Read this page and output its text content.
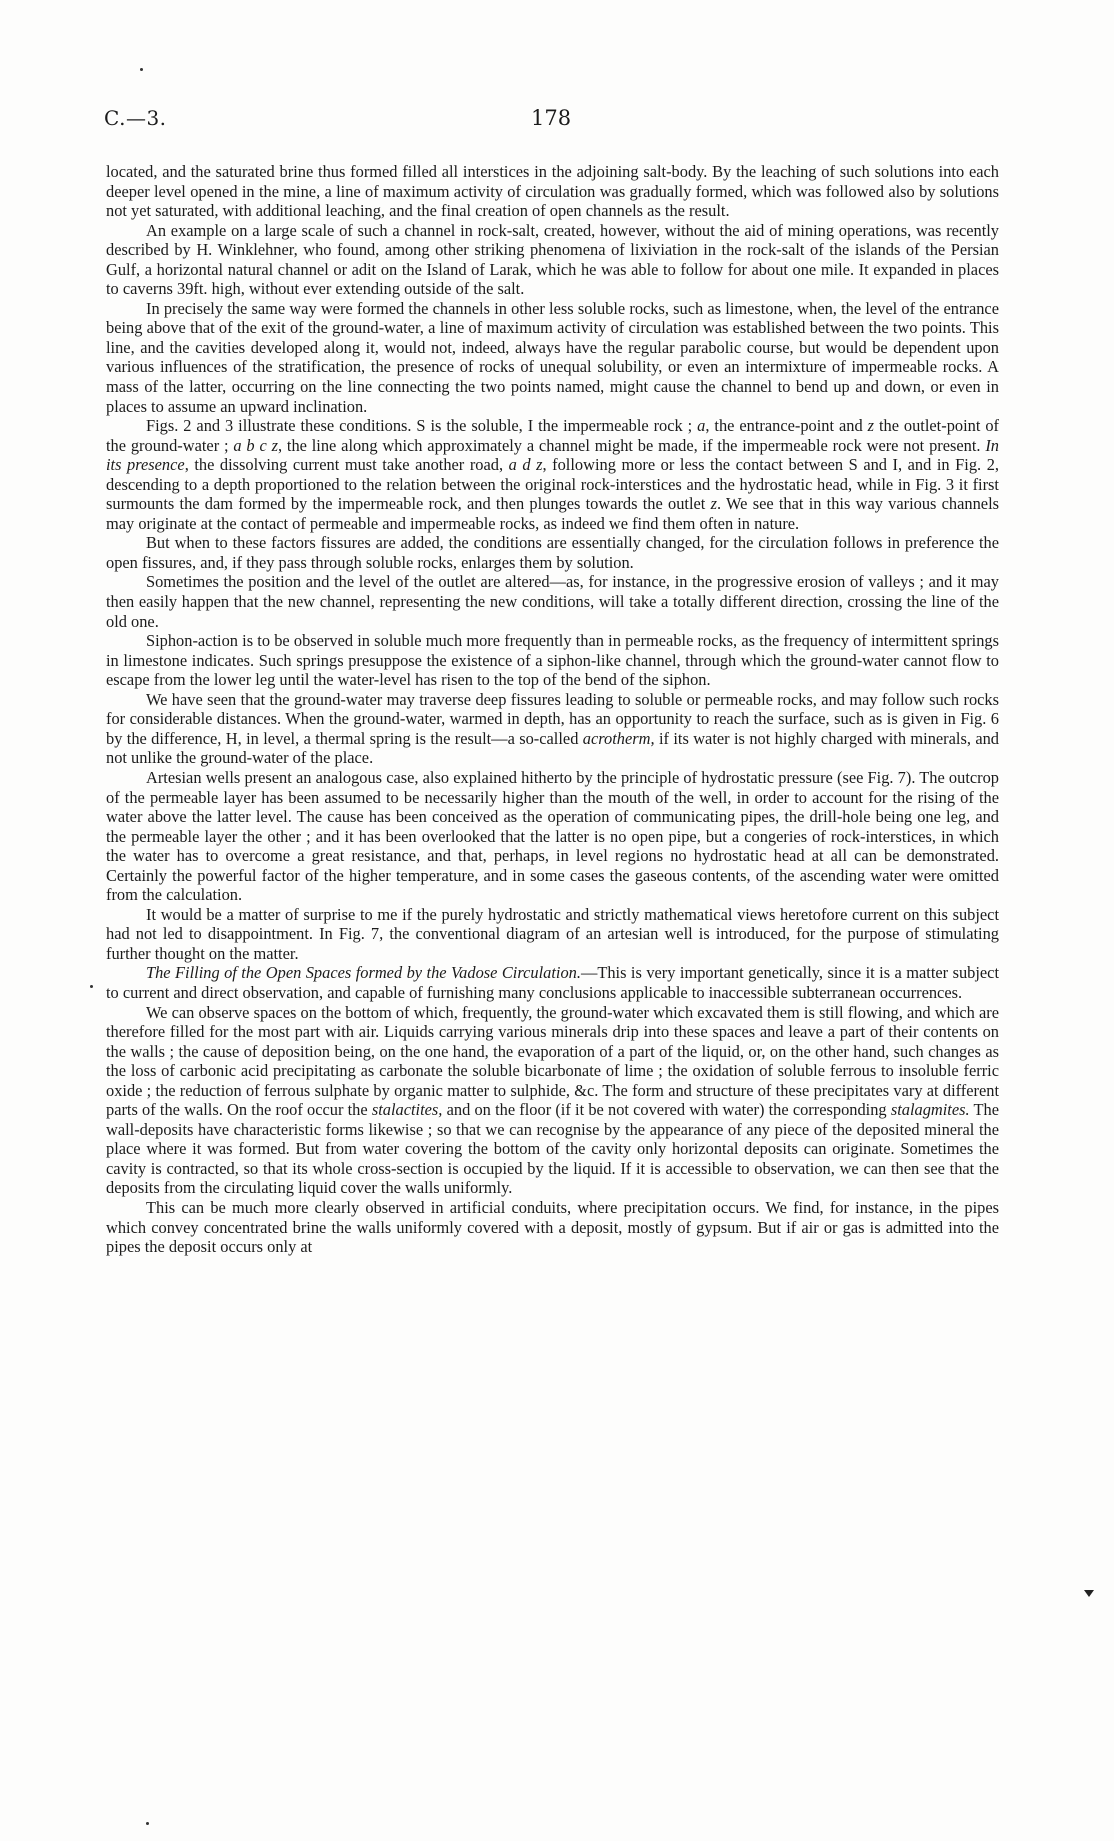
C.—3.	178

located, and the saturated brine thus formed filled all interstices in the adjoining salt-body. By the leaching of such solutions into each deeper level opened in the mine, a line of maximum activity of circulation was gradually formed, which was followed also by solutions not yet saturated, with additional leaching, and the final creation of open channels as the result.

An example on a large scale of such a channel in rock-salt, created, however, without the aid of mining operations, was recently described by H. Winklehner, who found, among other striking phenomena of lixiviation in the rock-salt of the islands of the Persian Gulf, a horizontal natural channel or adit on the Island of Larak, which he was able to follow for about one mile. It expanded in places to caverns 39ft. high, without ever extending outside of the salt.

In precisely the same way were formed the channels in other less soluble rocks, such as limestone, when, the level of the entrance being above that of the exit of the ground-water, a line of maximum activity of circulation was established between the two points. This line, and the cavities developed along it, would not, indeed, always have the regular parabolic course, but would be dependent upon various influences of the stratification, the presence of rocks of unequal solubility, or even an intermixture of impermeable rocks. A mass of the latter, occurring on the line connecting the two points named, might cause the channel to bend up and down, or even in places to assume an upward inclination.

Figs. 2 and 3 illustrate these conditions. S is the soluble, I the impermeable rock ; a, the entrance-point and z the outlet-point of the ground-water ; a b c z, the line along which approximately a channel might be made, if the impermeable rock were not present. In its presence, the dissolving current must take another road, a d z, following more or less the contact between S and I, and in Fig. 2, descending to a depth proportioned to the relation between the original rock-interstices and the hydrostatic head, while in Fig. 3 it first surmounts the dam formed by the impermeable rock, and then plunges towards the outlet z. We see that in this way various channels may originate at the contact of permeable and impermeable rocks, as indeed we find them often in nature.

But when to these factors fissures are added, the conditions are essentially changed, for the circulation follows in preference the open fissures, and, if they pass through soluble rocks, enlarges them by solution.

Sometimes the position and the level of the outlet are altered—as, for instance, in the progressive erosion of valleys ; and it may then easily happen that the new channel, representing the new conditions, will take a totally different direction, crossing the line of the old one.

Siphon-action is to be observed in soluble much more frequently than in permeable rocks, as the frequency of intermittent springs in limestone indicates. Such springs presuppose the existence of a siphon-like channel, through which the ground-water cannot flow to escape from the lower leg until the water-level has risen to the top of the bend of the siphon.

We have seen that the ground-water may traverse deep fissures leading to soluble or permeable rocks, and may follow such rocks for considerable distances. When the ground-water, warmed in depth, has an opportunity to reach the surface, such as is given in Fig. 6 by the difference, H, in level, a thermal spring is the result—a so-called acrotherm, if its water is not highly charged with minerals, and not unlike the ground-water of the place.

Artesian wells present an analogous case, also explained hitherto by the principle of hydrostatic pressure (see Fig. 7). The outcrop of the permeable layer has been assumed to be necessarily higher than the mouth of the well, in order to account for the rising of the water above the latter level. The cause has been conceived as the operation of communicating pipes, the drill-hole being one leg, and the permeable layer the other ; and it has been overlooked that the latter is no open pipe, but a congeries of rock-interstices, in which the water has to overcome a great resistance, and that, perhaps, in level regions no hydrostatic head at all can be demonstrated. Certainly the powerful factor of the higher temperature, and in some cases the gaseous contents, of the ascending water were omitted from the calculation.

It would be a matter of surprise to me if the purely hydrostatic and strictly mathematical views heretofore current on this subject had not led to disappointment. In Fig. 7, the conventional diagram of an artesian well is introduced, for the purpose of stimulating further thought on the matter.

The Filling of the Open Spaces formed by the Vadose Circulation.—This is very important genetically, since it is a matter subject to current and direct observation, and capable of furnishing many conclusions applicable to inaccessible subterranean occurrences.

We can observe spaces on the bottom of which, frequently, the ground-water which excavated them is still flowing, and which are therefore filled for the most part with air. Liquids carrying various minerals drip into these spaces and leave a part of their contents on the walls ; the cause of deposition being, on the one hand, the evaporation of a part of the liquid, or, on the other hand, such changes as the loss of carbonic acid precipitating as carbonate the soluble bicarbonate of lime ; the oxidation of soluble ferrous to insoluble ferric oxide ; the reduction of ferrous sulphate by organic matter to sulphide, &c. The form and structure of these precipitates vary at different parts of the walls. On the roof occur the stalactites, and on the floor (if it be not covered with water) the corresponding stalagmites. The wall-deposits have characteristic forms likewise ; so that we can recognise by the appearance of any piece of the deposited mineral the place where it was formed. But from water covering the bottom of the cavity only horizontal deposits can originate. Sometimes the cavity is contracted, so that its whole cross-section is occupied by the liquid. If it is accessible to observation, we can then see that the deposits from the circulating liquid cover the walls uniformly.

This can be much more clearly observed in artificial conduits, where precipitation occurs. We find, for instance, in the pipes which convey concentrated brine the walls uniformly covered with a deposit, mostly of gypsum. But if air or gas is admitted into the pipes the deposit occurs only at
